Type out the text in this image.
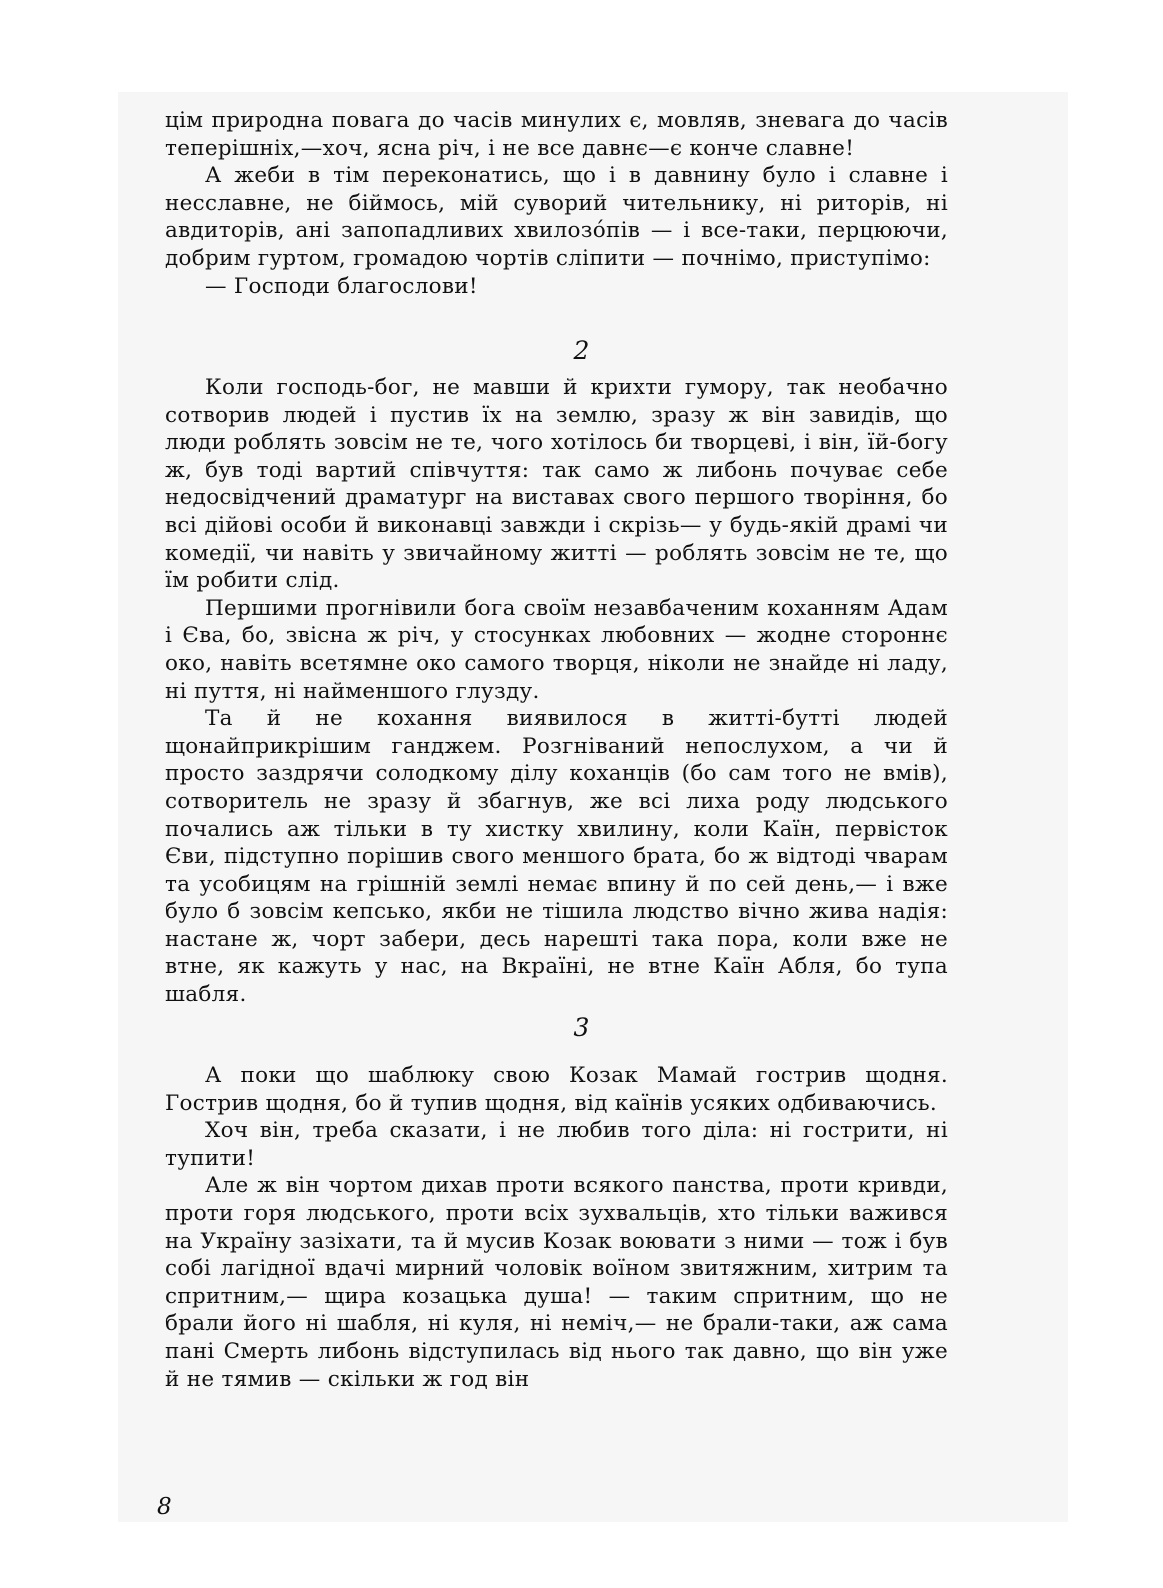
цім природна повага до часів минулих є, мовляв, зневага до часів теперішніх,—хоч, ясна річ, і не все давнє—є конче славне!

А жеби в тім переконатись, що і в давнину було і славне і несславне, не біймось, мій суворий чительнику, ні риторів, ні авдиторів, ані запопадливих хвилозо́пів — і все-таки, перцюючи, добрим гуртом, громадою чортів сліпити — почнімо, приступімо:

— Господи благослови!

2

Коли господь-бог, не мавши й крихти гумору, так необачно сотворив людей і пустив їх на землю, зразу ж він завидів, що люди роблять зовсім не те, чого хотілось би творцеві, і він, їй-богу ж, був тоді вартий співчуття: так само ж либонь почуває себе недосвідчений драматург на виставах свого першого творіння, бо всі дійові особи й виконавці завжди і скрізь— у будь-якій драмі чи комедії, чи навіть у звичайному житті — роблять зовсім не те, що їм робити слід.

Першими прогнівили бога своїм незавбаченим коханням Адам і Єва, бо, звісна ж річ, у стосунках любовних — жодне стороннє око, навіть всетямне око самого творця, ніколи не знайде ні ладу, ні пуття, ні найменшого глузду.

Та й не кохання виявилося в житті-бутті людей щонайприкрішим ганджем. Розгніваний непослухом, а чи й просто заздрячи солодкому ділу коханців (бо сам того не вмів), сотворитель не зразу й збагнув, же всі лиха роду людського почались аж тільки в ту хистку хвилину, коли Каїн, первісток Єви, підступно порішив свого меншого брата, бо ж відтоді чварам та усобицям на грішній землі немає впину й по сей день,— і вже було б зовсім кепсько, якби не тішила людство вічно жива надія: настане ж, чорт забери, десь нарешті така пора, коли вже не втне, як кажуть у нас, на Вкраїні, не втне Каїн Абля, бо тупа шабля.

3

А поки що шаблюку свою Козак Мамай гострив щодня. Гострив щодня, бо й тупив щодня, від каїнів усяких одбиваючись.

Хоч він, треба сказати, і не любив того діла: ні гострити, ні тупити!

Але ж він чортом дихав проти всякого панства, проти кривди, проти горя людського, проти всіх зухвальців, хто тільки важився на Україну зазіхати, та й мусив Козак воювати з ними — тож і був собі лагідної вдачі мирний чоловік воїном звитяжним, хитрим та спритним,— щира козацька душа! — таким спритним, що не брали його ні шабля, ні куля, ні неміч,— не брали-таки, аж сама пані Смерть либонь відступилась від нього так давно, що він уже й не тямив — скільки ж год він

8
